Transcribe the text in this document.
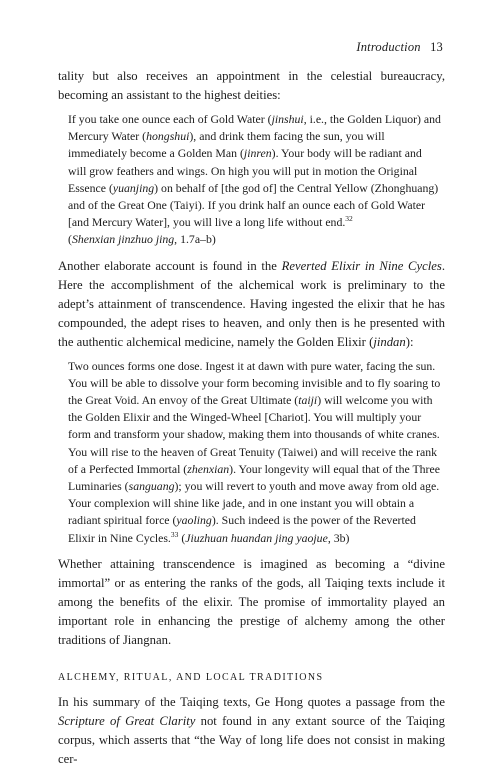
Introduction 13

tality but also receives an appointment in the celestial bureaucracy, becoming an assistant to the highest deities:

If you take one ounce each of Gold Water (jinshui, i.e., the Golden Liquor) and Mercury Water (hongshui), and drink them facing the sun, you will immediately become a Golden Man (jinren). Your body will be radiant and will grow feathers and wings. On high you will put in motion the Original Essence (yuanjing) on behalf of [the god of] the Central Yellow (Zhonghuang) and of the Great One (Taiyi). If you drink half an ounce each of Gold Water [and Mercury Water], you will live a long life without end.$^{32}$
(Shenxian jinzhuo jing, 1.7a–b)

Another elaborate account is found in the Reverted Elixir in Nine Cycles. Here the accomplishment of the alchemical work is preliminary to the adept’s attainment of transcendence. Having ingested the elixir that he has compounded, the adept rises to heaven, and only then is he presented with the authentic alchemical medicine, namely the Golden Elixir (jindan):

Two ounces forms one dose. Ingest it at dawn with pure water, facing the sun. You will be able to dissolve your form becoming invisible and to fly soaring to the Great Void. An envoy of the Great Ultimate (taiji) will welcome you with the Golden Elixir and the Winged-Wheel [Chariot]. You will multiply your form and transform your shadow, making them into thousands of white cranes. You will rise to the heaven of Great Tenuity (Taiwei) and will receive the rank of a Perfected Immortal (zhenxian). Your longevity will equal that of the Three Luminaries (sanguang); you will revert to youth and move away from old age. Your complexion will shine like jade, and in one instant you will obtain a radiant spiritual force (yaoling). Such indeed is the power of the Reverted Elixir in Nine Cycles.$^{33}$ (Jiuzhuan huandan jing yaojue, 3b)

Whether attaining transcendence is imagined as becoming a “divine immortal” or as entering the ranks of the gods, all Taiqing texts include it among the benefits of the elixir. The promise of immortality played an important role in enhancing the prestige of alchemy among the other traditions of Jiangnan.

ALCHEMY, RITUAL, AND LOCAL TRADITIONS

In his summary of the Taiqing texts, Ge Hong quotes a passage from the Scripture of Great Clarity not found in any extant source of the Taiqing corpus, which asserts that “the Way of long life does not consist in making cer-
